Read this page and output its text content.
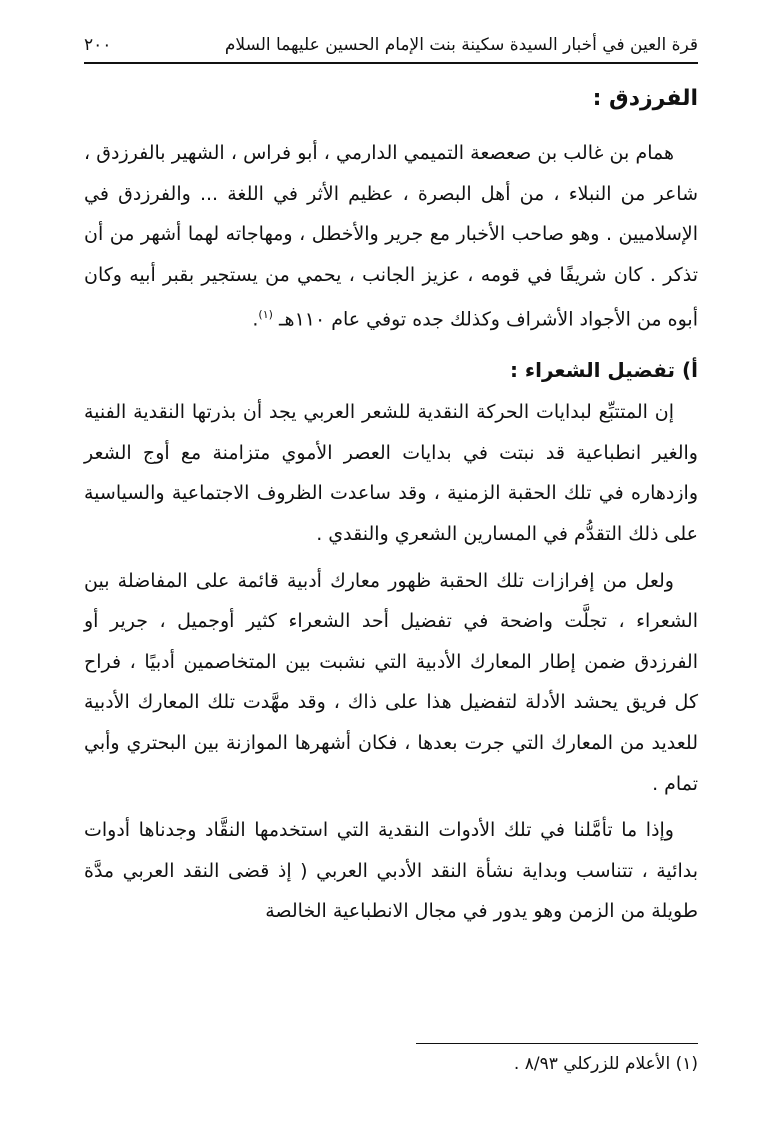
قرة العين في أخبار السيدة سكينة بنت الإمام الحسين عليهما السلام
٢٠٠
الفرزدق :

همام بن غالب بن صعصعة التميمي الدارمي ، أبو فراس ، الشهير بالفرزدق ، شاعر من النبلاء ، من أهل البصرة ، عظيم الأثر في اللغة ... والفرزدق في الإسلاميين . وهو صاحب الأخبار مع جرير والأخطل ، ومهاجاته لهما أشهر من أن تذكر . كان شريفًا في قومه ، عزيز الجانب ، يحمي من يستجير بقبر أبيه وكان أبوه من الأجواد الأشراف وكذلك جده توفي عام ١١٠هـ $^{(١)}$.

أ) تفضيل الشعراء :

إن المتتبِّع لبدايات الحركة النقدية للشعر العربي يجد أن بذرتها النقدية الفنية والغير انطباعية قد نبتت في بدايات العصر الأموي متزامنة مع أوج الشعر وازدهاره في تلك الحقبة الزمنية ، وقد ساعدت الظروف الاجتماعية والسياسية على ذلك التقدُّم في المسارين الشعري والنقدي .

ولعل من إفرازات تلك الحقبة ظهور معارك أدبية قائمة على المفاضلة بين الشعراء ، تجلَّت واضحة في تفضيل أحد الشعراء كثير أوجميل ، جرير أو الفرزدق ضمن إطار المعارك الأدبية التي نشبت بين المتخاصمين أدبيًا ، فراح كل فريق يحشد الأدلة لتفضيل هذا على ذاك ، وقد مهَّدت تلك المعارك الأدبية للعديد من المعارك التي جرت بعدها ، فكان أشهرها الموازنة بين البحتري وأبي تمام .

وإذا ما تأمَّلنا في تلك الأدوات النقدية التي استخدمها النقَّاد وجدناها أدوات بدائية ، تتناسب وبداية نشأة النقد الأدبي العربي ( إذ قضى النقد العربي مدَّة طويلة من الزمن وهو يدور في مجال الانطباعية الخالصة

(١) الأعلام للزركلي ٨/٩٣ .
